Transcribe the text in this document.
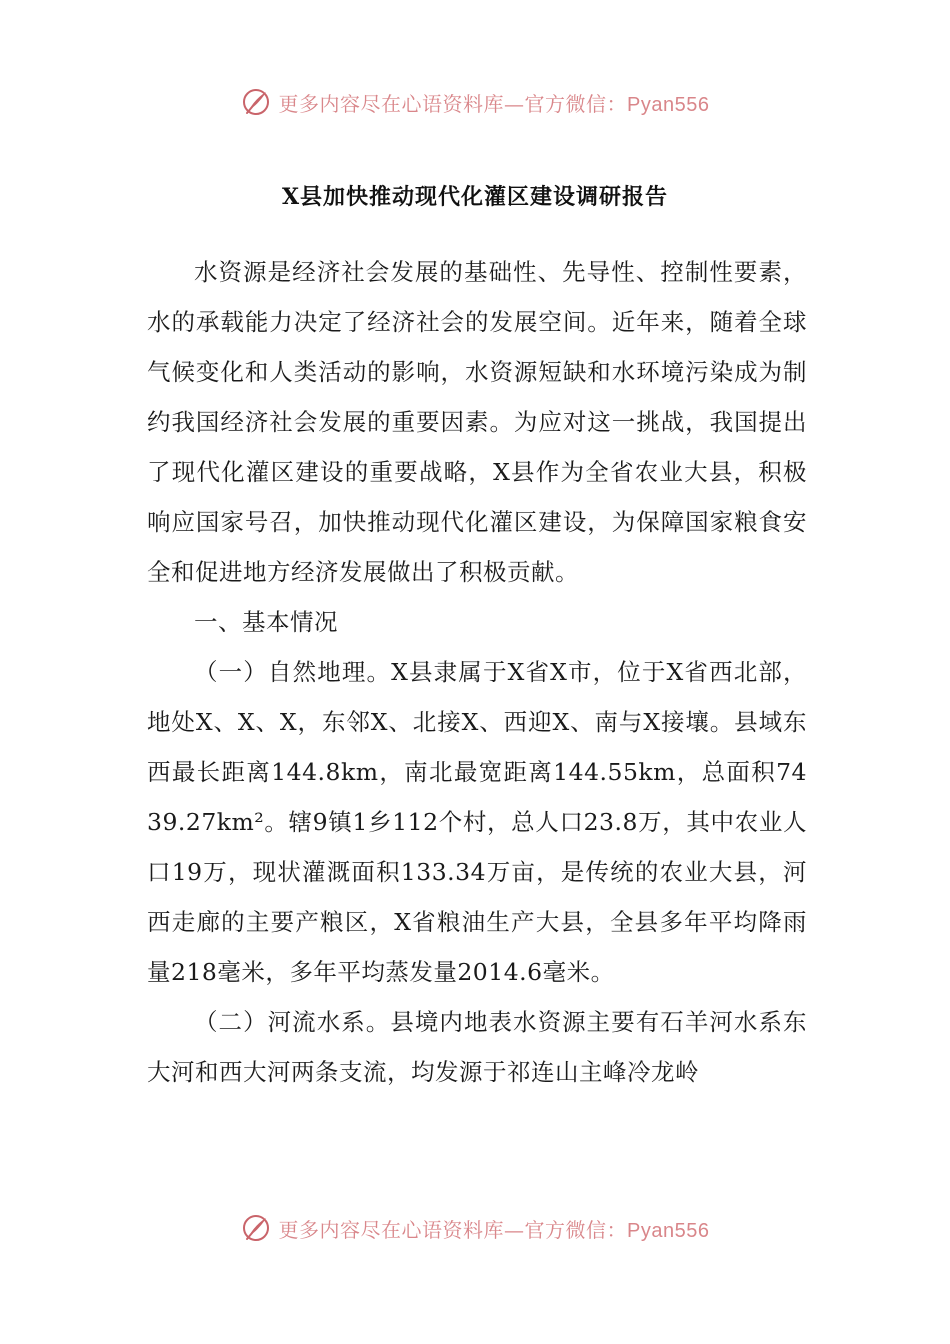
更多内容尽在心语资料库—官方微信：Pyan556
X县加快推动现代化灌区建设调研报告

水资源是经济社会发展的基础性、先导性、控制性要素，水的承载能力决定了经济社会的发展空间。近年来，随着全球气候变化和人类活动的影响，水资源短缺和水环境污染成为制约我国经济社会发展的重要因素。为应对这一挑战，我国提出了现代化灌区建设的重要战略，X县作为全省农业大县，积极响应国家号召，加快推动现代化灌区建设，为保障国家粮食安全和促进地方经济发展做出了积极贡献。

一、基本情况

（一）自然地理。X县隶属于X省X市，位于X省西北部，地处X、X、X，东邻X、北接X、西迎X、南与X接壤。县域东西最长距离144.8km，南北最宽距离144.55km，总面积7439.27km²。辖9镇1乡112个村，总人口23.8万，其中农业人口19万，现状灌溉面积133.34万亩，是传统的农业大县，河西走廊的主要产粮区，X省粮油生产大县，全县多年平均降雨量218毫米，多年平均蒸发量2014.6毫米。

（二）河流水系。县境内地表水资源主要有石羊河水系东大河和西大河两条支流，均发源于祁连山主峰冷龙岭

更多内容尽在心语资料库—官方微信：Pyan556
